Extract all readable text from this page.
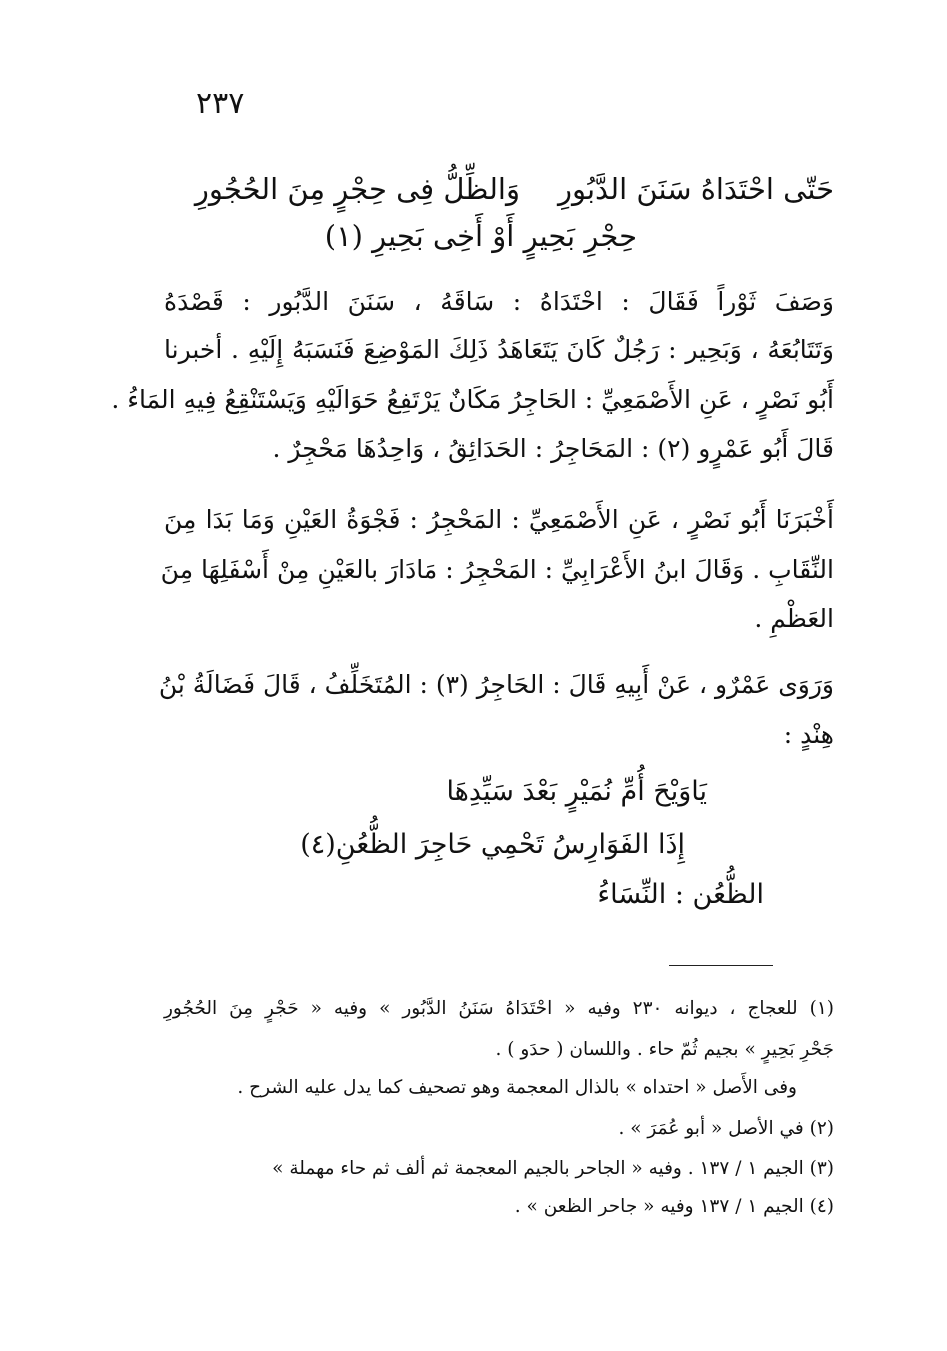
٢٣٧
حَتّى احْتَدَاهُ سَنَنَ الدَّبُورِ
وَالظِّلُّ فِى حِجْرٍ مِنَ الحُجُورِ
حِجْرِ بَحِيرٍ أَوْ أَخِى بَحِيرِ (١)
وَصَفَ ثَوْراً فَقَالَ : احْتَدَاهُ : سَاقَهُ ، سَنَنَ الدَّبُور : قَصْدَهُ
وَتَتَابُعَهُ ، وَبَحِير : رَجُلٌ كَانَ يَتَعَاهَدُ ذَلِكَ المَوْضِعَ فَنَسَبَهُ إِلَيْهِ . أخبرنا
أَبُو نَصْرٍ ، عَنِ الأَصْمَعِيِّ : الحَاجِرُ مَكَانٌ يَرْتَفِعُ حَوَالَيْهِ وَيَسْتَنْقِعُ فِيهِ المَاءُ .
قَالَ أَبُو عَمْرٍو (٢) : المَحَاجِرُ : الحَدَائِقُ ، وَاحِدُهَا مَحْجِرٌ .
أَخْبَرَنَا أَبُو نَصْرٍ ، عَنِ الأَصْمَعِيِّ : المَحْجِرُ : فَجْوَةُ العَيْنِ وَمَا بَدَا مِنَ
النِّقَابِ . وَقَالَ ابنُ الأَعْرَابِيِّ : المَحْجِرُ : مَادَارَ بالعَيْنِ مِنْ أَسْفَلِهَا مِنَ
العَظْمِ .
وَرَوَى عَمْرٌو ، عَنْ أَبِيهِ قَالَ : الحَاجِرُ (٣) : المُتَخَلِّفُ ، قَالَ فَضَالَةُ بْنُ
هِنْدٍ :
يَاوَيْحَ أُمِّ نُمَيْرٍ بَعْدَ سَيِّدِهَا
إِذَا الفَوَارِسُ تَحْمِي حَاجِرَ الظُّعُنِ(٤)
الظُّعُن : النِّسَاءُ
(١) للعجاج ، ديوانه ٢٣٠ وفيه « احْتَدَاهُ سَنَنُ الدَّبُور » وفيه « حَجْرٍ مِنَ الحُجُورِ
جَحْرِ بَحِيرٍ » بجيم ثُمّ حاء . واللسان ( حدَو ) .
وفى الأَصل « احتداه » بالذال المعجمة وهو تصحيف كما يدل عليه الشرح .
(٢) في الأصل « أبو عُمَرَ » .
(٣) الجيم ١ / ١٣٧ . وفيه « الجاحر بالجيم المعجمة ثم ألف ثم حاء مهملة »
(٤) الجيم ١ / ١٣٧ وفيه « جاحر الظعن » .
